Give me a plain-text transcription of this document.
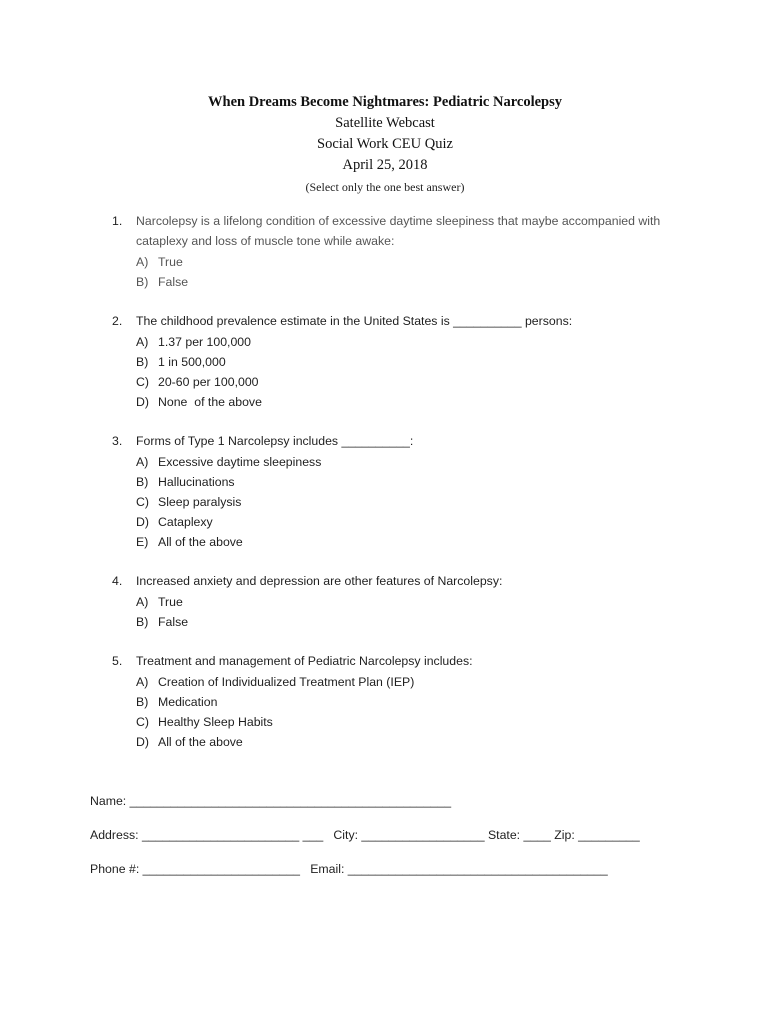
When Dreams Become Nightmares: Pediatric Narcolepsy
Satellite Webcast
Social Work CEU Quiz
April 25, 2018
(Select only the one best answer)
1.	Narcolepsy is a lifelong condition of excessive daytime sleepiness that maybe accompanied with cataplexy and loss of muscle tone while awake:
A) True
B) False
2.	The childhood prevalence estimate in the United States is __________ persons:
A) 1.37 per 100,000
B) 1 in 500,000
C) 20-60 per 100,000
D) None  of the above
3.	Forms of Type 1 Narcolepsy includes __________:
A) Excessive daytime sleepiness
B) Hallucinations
C) Sleep paralysis
D) Cataplexy
E) All of the above
4.	Increased anxiety and depression are other features of Narcolepsy:
A) True
B) False
5.	Treatment and management of Pediatric Narcolepsy includes:
A) Creation of Individualized Treatment Plan (IEP)
B) Medication
C) Healthy Sleep Habits
D) All of the above
Name: _______________________________________________
Address: _______________________ ___   City: __________________ State: ____ Zip: _________
Phone #: _______________________   Email: ______________________________________
